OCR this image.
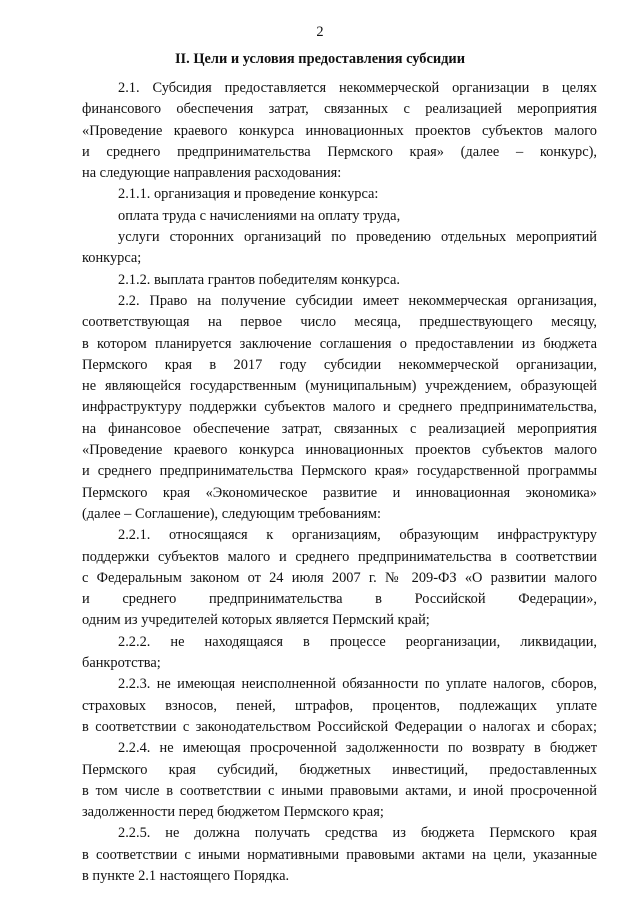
2
II. Цели и условия предоставления субсидии
2.1. Субсидия предоставляется некоммерческой организации в целях
финансового обеспечения затрат, связанных с реализацией мероприятия
«Проведение краевого конкурса инновационных проектов субъектов малого
и среднего предпринимательства Пермского края» (далее – конкурс),
на следующие направления расходования:
2.1.1. организация и проведение конкурса:
оплата труда с начислениями на оплату труда,
услуги сторонних организаций по проведению отдельных мероприятий
конкурса;
2.1.2. выплата грантов победителям конкурса.
2.2. Право на получение субсидии имеет некоммерческая организация,
соответствующая на первое число месяца, предшествующего месяцу,
в котором планируется заключение соглашения о предоставлении из бюджета
Пермского края в 2017 году субсидии некоммерческой организации,
не являющейся государственным (муниципальным) учреждением, образующей
инфраструктуру поддержки субъектов малого и среднего предпринимательства,
на финансовое обеспечение затрат, связанных с реализацией мероприятия
«Проведение краевого конкурса инновационных проектов субъектов малого
и среднего предпринимательства Пермского края» государственной программы
Пермского края «Экономическое развитие и инновационная экономика»
(далее – Соглашение), следующим требованиям:
2.2.1. относящаяся к организациям, образующим инфраструктуру
поддержки субъектов малого и среднего предпринимательства в соответствии
с Федеральным законом от 24 июля 2007 г. № 209-ФЗ «О развитии малого
и среднего предпринимательства в Российской Федерации»,
одним из учредителей которых является Пермский край;
2.2.2. не находящаяся в процессе реорганизации, ликвидации,
банкротства;
2.2.3. не имеющая неисполненной обязанности по уплате налогов, сборов,
страховых взносов, пеней, штрафов, процентов, подлежащих уплате
в соответствии с законодательством Российской Федерации о налогах и сборах;
2.2.4. не имеющая просроченной задолженности по возврату в бюджет
Пермского края субсидий, бюджетных инвестиций, предоставленных
в том числе в соответствии с иными правовыми актами, и иной просроченной
задолженности перед бюджетом Пермского края;
2.2.5. не должна получать средства из бюджета Пермского края
в соответствии с иными нормативными правовыми актами на цели, указанные
в пункте 2.1 настоящего Порядка.
